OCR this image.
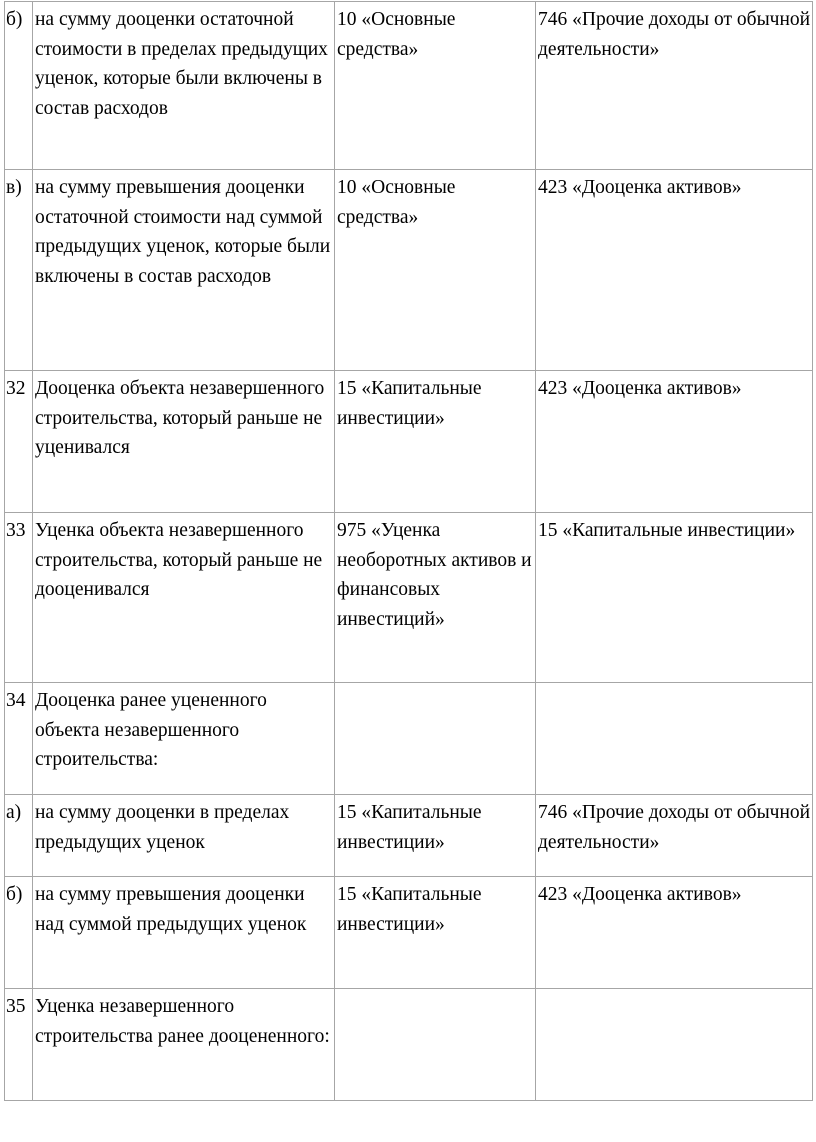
б)	на сумму дооценки остаточной стоимости в пределах предыдущих уценок, которые были включены в состав расходов	10 «Основные средства»	746 «Прочие доходы от обычной деятельности»
в)	на сумму превышения дооценки остаточной стоимости над суммой предыдущих уценок, которые были включены в состав расходов	10 «Основные средства»	423 «Дооценка активов»
32	Дооценка объекта незавершенного строительства, который раньше не уценивался	15 «Капитальные инвестиции»	423 «Дооценка активов»
33	Уценка объекта незавершенного строительства, который раньше не дооценивался	975 «Уценка необоротных активов и финансовых инвестиций»	15 «Капитальные инвестиции»
34	Дооценка ранее уцененного объекта незавершенного строительства:		
а)	на сумму дооценки в пределах предыдущих уценок	15 «Капитальные инвестиции»	746 «Прочие доходы от обычной деятельности»
б)	на сумму превышения дооценки над суммой предыдущих уценок	15 «Капитальные инвестиции»	423 «Дооценка активов»
35	Уценка незавершенного строительства ранее дооцененного:		
